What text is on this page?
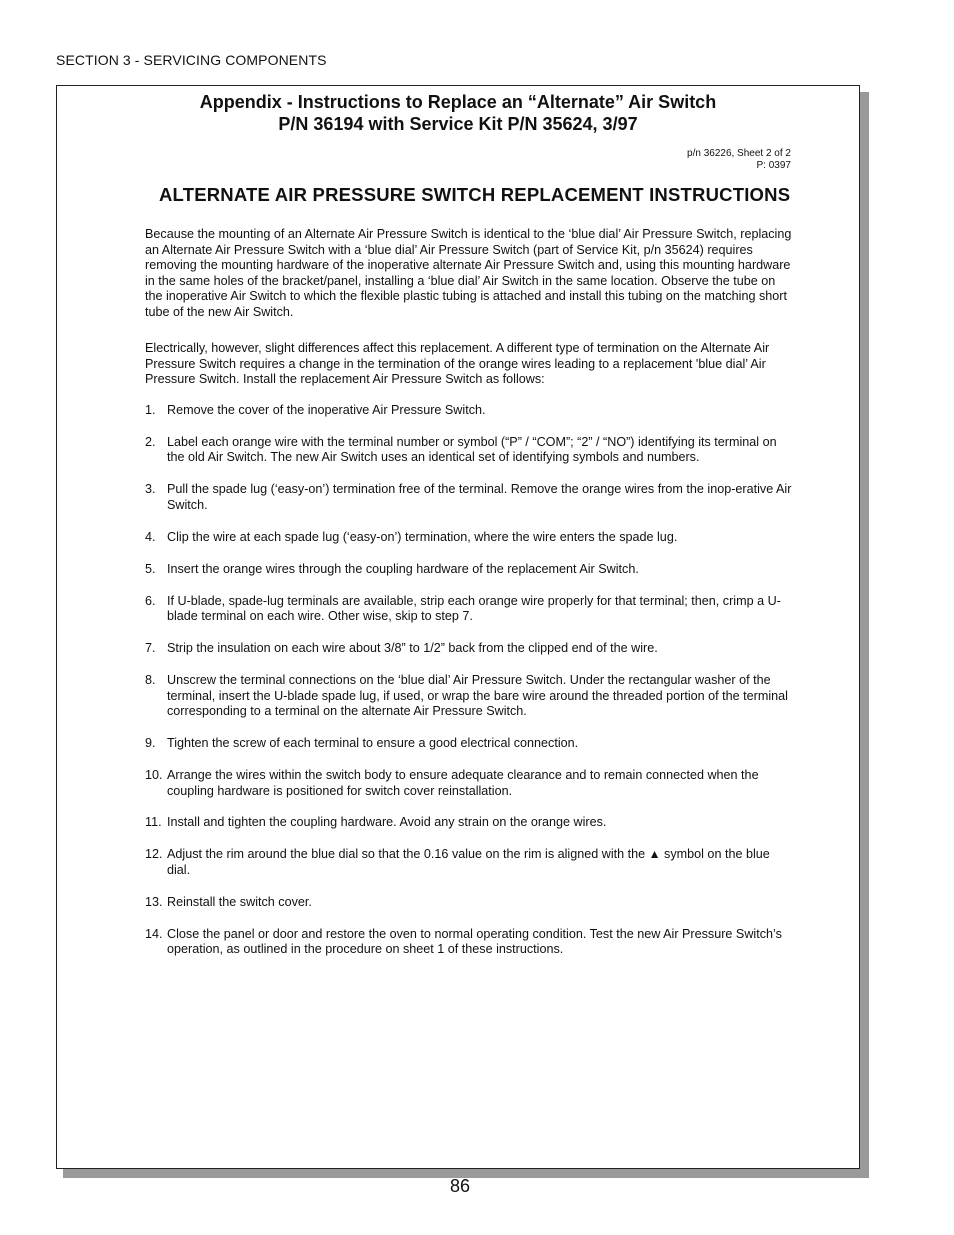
SECTION 3 - SERVICING COMPONENTS
Appendix - Instructions to Replace an “Alternate” Air Switch
P/N 36194 with Service Kit P/N 35624, 3/97
p/n 36226, Sheet 2 of 2
P: 0397
ALTERNATE AIR PRESSURE SWITCH REPLACEMENT INSTRUCTIONS

Because the mounting of an Alternate Air Pressure Switch is identical to the ‘blue dial’ Air Pressure Switch, replacing an Alternate Air Pressure Switch with a ‘blue dial’ Air Pressure Switch (part of Service Kit, p/n 35624) requires removing the mounting hardware of the inoperative alternate Air Pressure Switch and, using this mounting hardware in the same holes of the bracket/panel, installing a ‘blue dial’ Air Switch in the same location. Observe the tube on the inoperative Air Switch to which the flexible plastic tubing is attached and install this tubing on the matching short tube of the new Air Switch.

Electrically, however, slight differences affect this replacement. A different type of termination on the Alternate Air Pressure Switch requires a change in the termination of the orange wires leading to a replacement 'blue dial’ Air Pressure Switch. Install the replacement Air Pressure Switch as follows:

1. Remove the cover of the inoperative Air Pressure Switch.
2. Label each orange wire with the terminal number or symbol (“P” / “COM”; “2” / “NO”) identifying its terminal on the old Air Switch. The new Air Switch uses an identical set of identifying symbols and numbers.
3. Pull the spade lug (‘easy-on’) termination free of the terminal. Remove the orange wires from the inop-erative Air Switch.
4. Clip the wire at each spade lug (‘easy-on’) termination, where the wire enters the spade lug.
5. Insert the orange wires through the coupling hardware of the replacement Air Switch.
6. If U-blade, spade-lug terminals are available, strip each orange wire properly for that terminal; then, crimp a U-blade terminal on each wire. Other wise, skip to step 7.
7. Strip the insulation on each wire about 3/8” to 1/2” back from the clipped end of the wire.
8. Unscrew the terminal connections on the ‘blue dial’ Air Pressure Switch. Under the rectangular washer of the terminal, insert the U-blade spade lug, if used, or wrap the bare wire around the threaded portion of the terminal corresponding to a terminal on the alternate Air Pressure Switch.
9. Tighten the screw of each terminal to ensure a good electrical connection.
10. Arrange the wires within the switch body to ensure adequate clearance and to remain connected when the coupling hardware is positioned for switch cover reinstallation.
11. Install and tighten the coupling hardware. Avoid any strain on the orange wires.
12. Adjust the rim around the blue dial so that the 0.16 value on the rim is aligned with the ▲ symbol on the blue dial.
13. Reinstall the switch cover.
14. Close the panel or door and restore the oven to normal operating condition. Test the new Air Pressure Switch’s operation, as outlined in the procedure on sheet 1 of these instructions.
86
